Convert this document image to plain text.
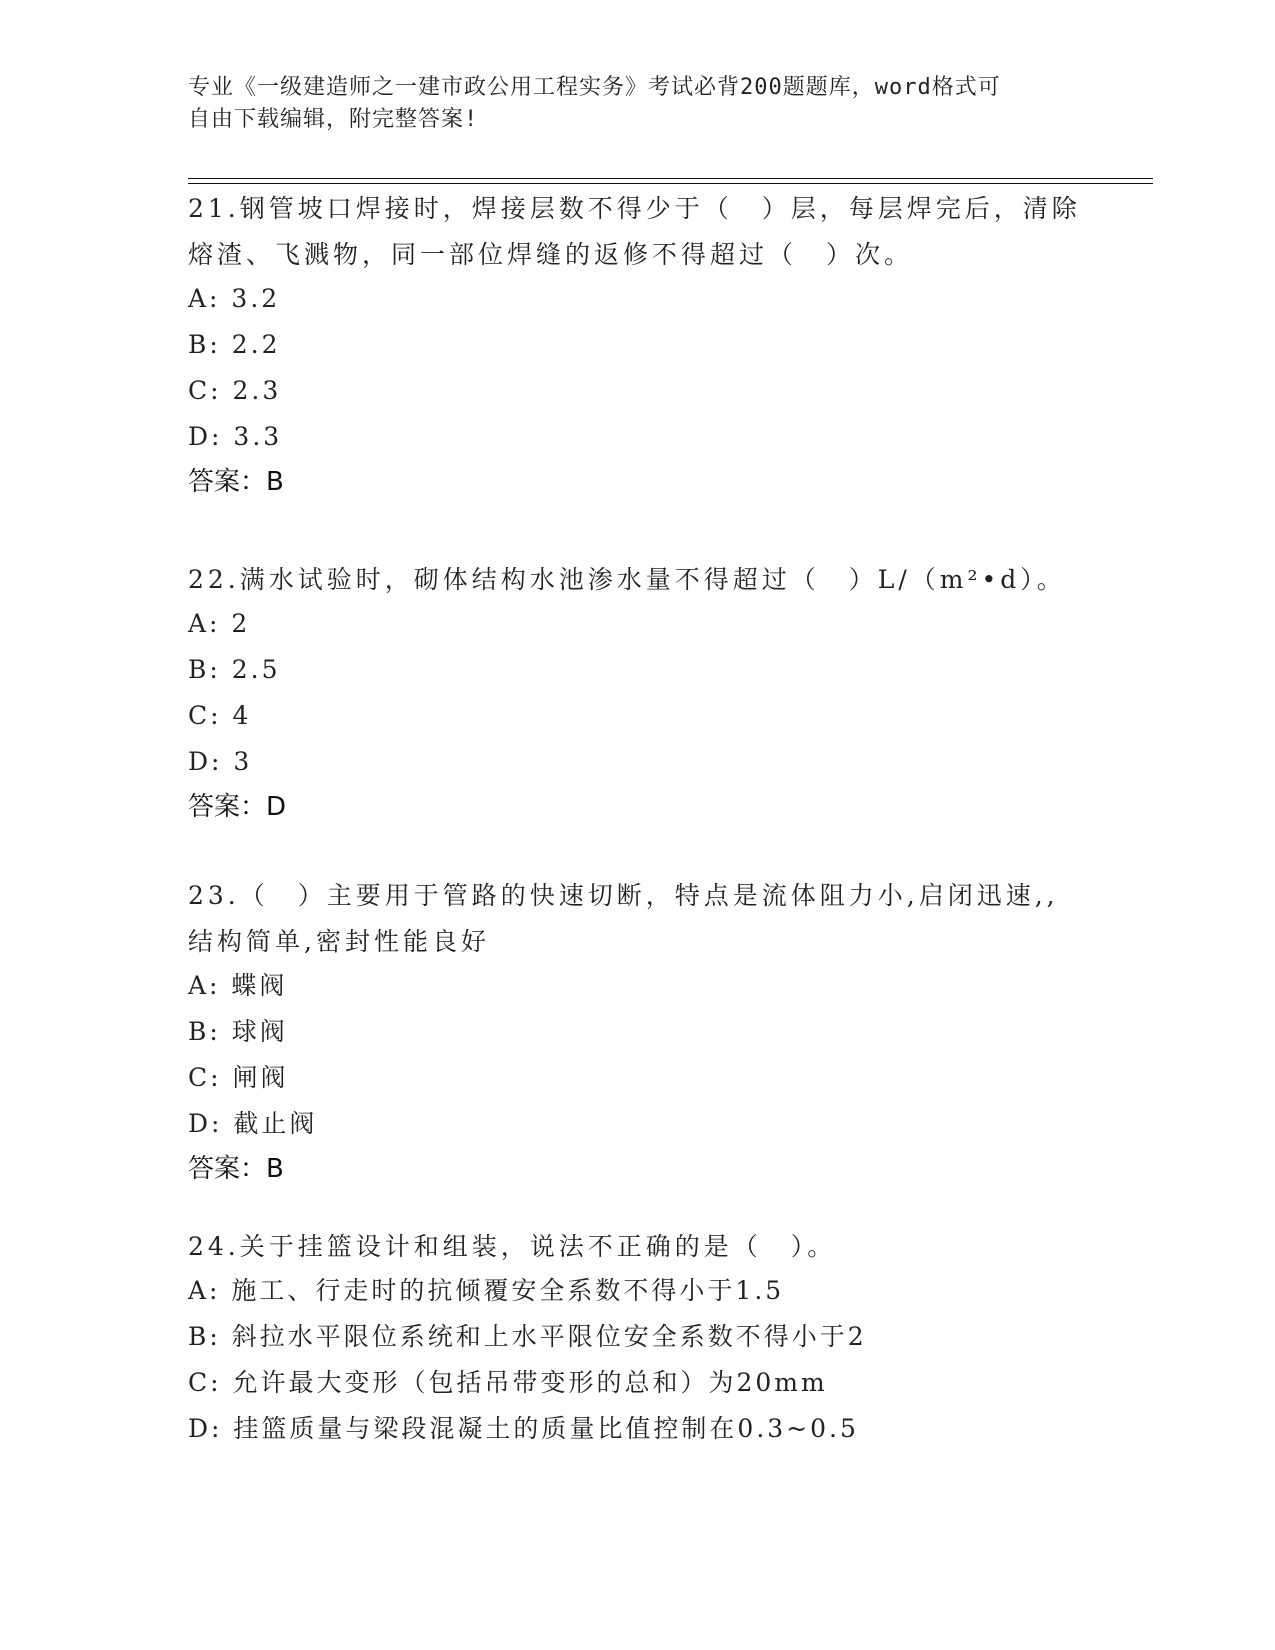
专业《一级建造师之一建市政公用工程实务》考试必背200题题库，word格式可
自由下载编辑，附完整答案!

21.钢管坡口焊接时，焊接层数不得少于（　）层，每层焊完后，清除

熔渣、飞溅物，同一部位焊缝的返修不得超过（　）次。

A: 3.2

B: 2.2

C: 2.3

D: 3.3

答案：B

22.满水试验时，砌体结构水池渗水量不得超过（　）L/（m²•d）。

A: 2

B: 2.5

C: 4

D: 3

答案：D

23.（　）主要用于管路的快速切断，特点是流体阻力小,启闭迅速,,

结构简单,密封性能良好

A: 蝶阀

B: 球阀

C: 闸阀

D: 截止阀

答案：B

24.关于挂篮设计和组装，说法不正确的是（　）。

A: 施工、行走时的抗倾覆安全系数不得小于1.5

B: 斜拉水平限位系统和上水平限位安全系数不得小于2

C: 允许最大变形（包括吊带变形的总和）为20mm

D: 挂篮质量与梁段混凝土的质量比值控制在0.3~0.5
